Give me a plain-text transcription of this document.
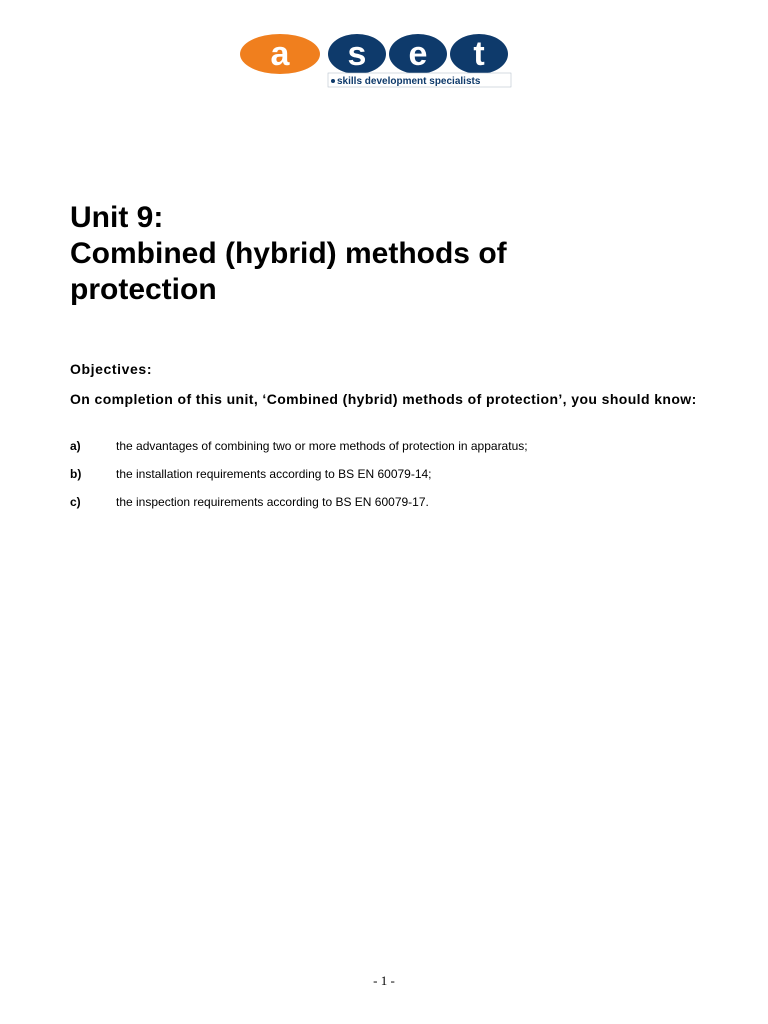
a s e t
skills development specialists
Unit 9:
Combined (hybrid) methods of
protection
Objectives:
On completion of this unit, ‘Combined (hybrid) methods of protection’, you should know:
a)	the advantages of combining two or more methods of protection in apparatus;
b)	the installation requirements according to BS EN 60079-14;
c)	the inspection requirements according to BS EN 60079-17.
- 1 -
